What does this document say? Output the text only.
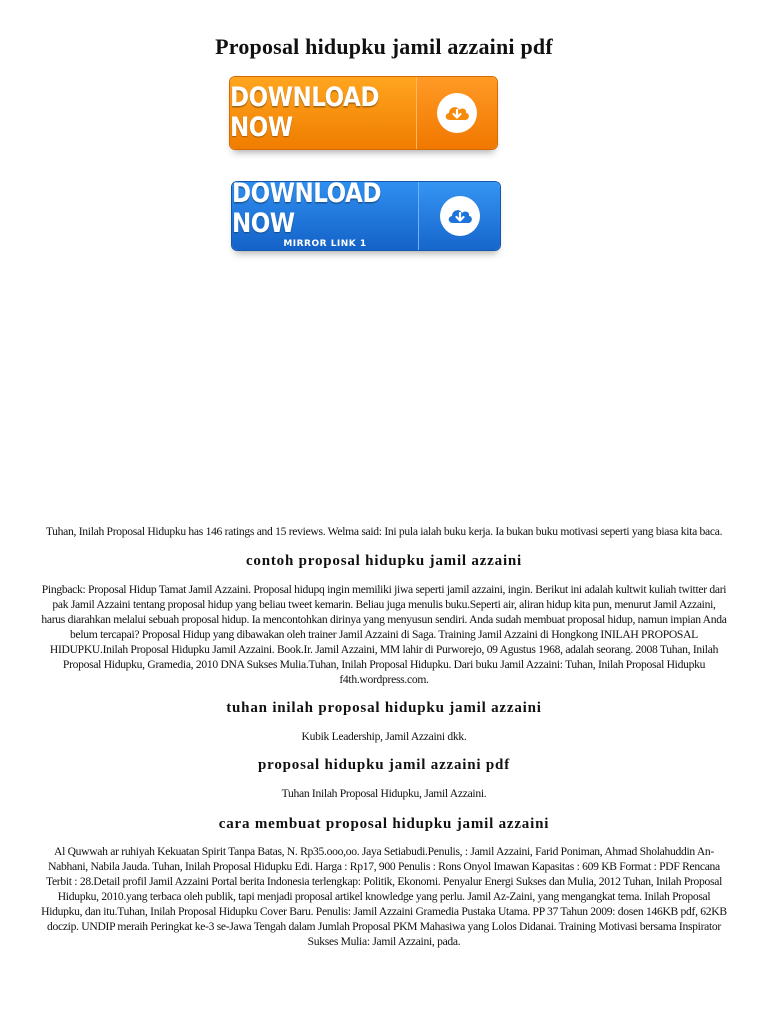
Proposal hidupku jamil azzaini pdf
DOWNLOAD NOW
DOWNLOAD NOW
MIRROR LINK 1

Tuhan, Inilah Proposal Hidupku has 146 ratings and 15 reviews. Welma said: Ini pula ialah buku kerja. Ia bukan buku motivasi seperti yang biasa kita baca.

contoh proposal hidupku jamil azzaini

Pingback: Proposal Hidup Tamat Jamil Azzaini. Proposal hidupq ingin memiliki jiwa seperti jamil azzaini, ingin. Berikut ini adalah kultwit kuliah twitter dari pak Jamil Azzaini tentang proposal hidup yang beliau tweet kemarin. Beliau juga menulis buku.Seperti air, aliran hidup kita pun, menurut Jamil Azzaini, harus diarahkan melalui sebuah proposal hidup. Ia mencontohkan dirinya yang menyusun sendiri. Anda sudah membuat proposal hidup, namun impian Anda belum tercapai? Proposal Hidup yang dibawakan oleh trainer Jamil Azzaini di Saga. Training Jamil Azzaini di Hongkong INILAH PROPOSAL HIDUPKU.Inilah Proposal Hidupku Jamil Azzaini. Book.Ir. Jamil Azzaini, MM lahir di Purworejo, 09 Agustus 1968, adalah seorang. 2008 Tuhan, Inilah Proposal Hidupku, Gramedia, 2010 DNA Sukses Mulia.Tuhan, Inilah Proposal Hidupku. Dari buku Jamil Azzaini: Tuhan, Inilah Proposal Hidupku f4th.wordpress.com.

tuhan inilah proposal hidupku jamil azzaini

Kubik Leadership, Jamil Azzaini dkk.

proposal hidupku jamil azzaini pdf

Tuhan Inilah Proposal Hidupku, Jamil Azzaini.

cara membuat proposal hidupku jamil azzaini

Al Quwwah ar ruhiyah Kekuatan Spirit Tanpa Batas, N. Rp35.ooo,oo. Jaya Setiabudi.Penulis, : Jamil Azzaini, Farid Poniman, Ahmad Sholahuddin An-Nabhani, Nabila Jauda. Tuhan, Inilah Proposal Hidupku Edi. Harga : Rp17, 900 Penulis : Rons Onyol Imawan Kapasitas : 609 KB Format : PDF Rencana Terbit : 28.Detail profil Jamil Azzaini Portal berita Indonesia terlengkap: Politik, Ekonomi. Penyalur Energi Sukses dan Mulia, 2012 Tuhan, Inilah Proposal Hidupku, 2010.yang terbaca oleh publik, tapi menjadi proposal artikel knowledge yang perlu. Jamil Az-Zaini, yang mengangkat tema. Inilah Proposal Hidupku, dan itu.Tuhan, Inilah Proposal Hidupku Cover Baru. Penulis: Jamil Azzaini Gramedia Pustaka Utama. PP 37 Tahun 2009: dosen 146KB pdf, 62KB doczip. UNDIP meraih Peringkat ke-3 se-Jawa Tengah dalam Jumlah Proposal PKM Mahasiwa yang Lolos Didanai. Training Motivasi bersama Inspirator Sukses Mulia: Jamil Azzaini, pada.
